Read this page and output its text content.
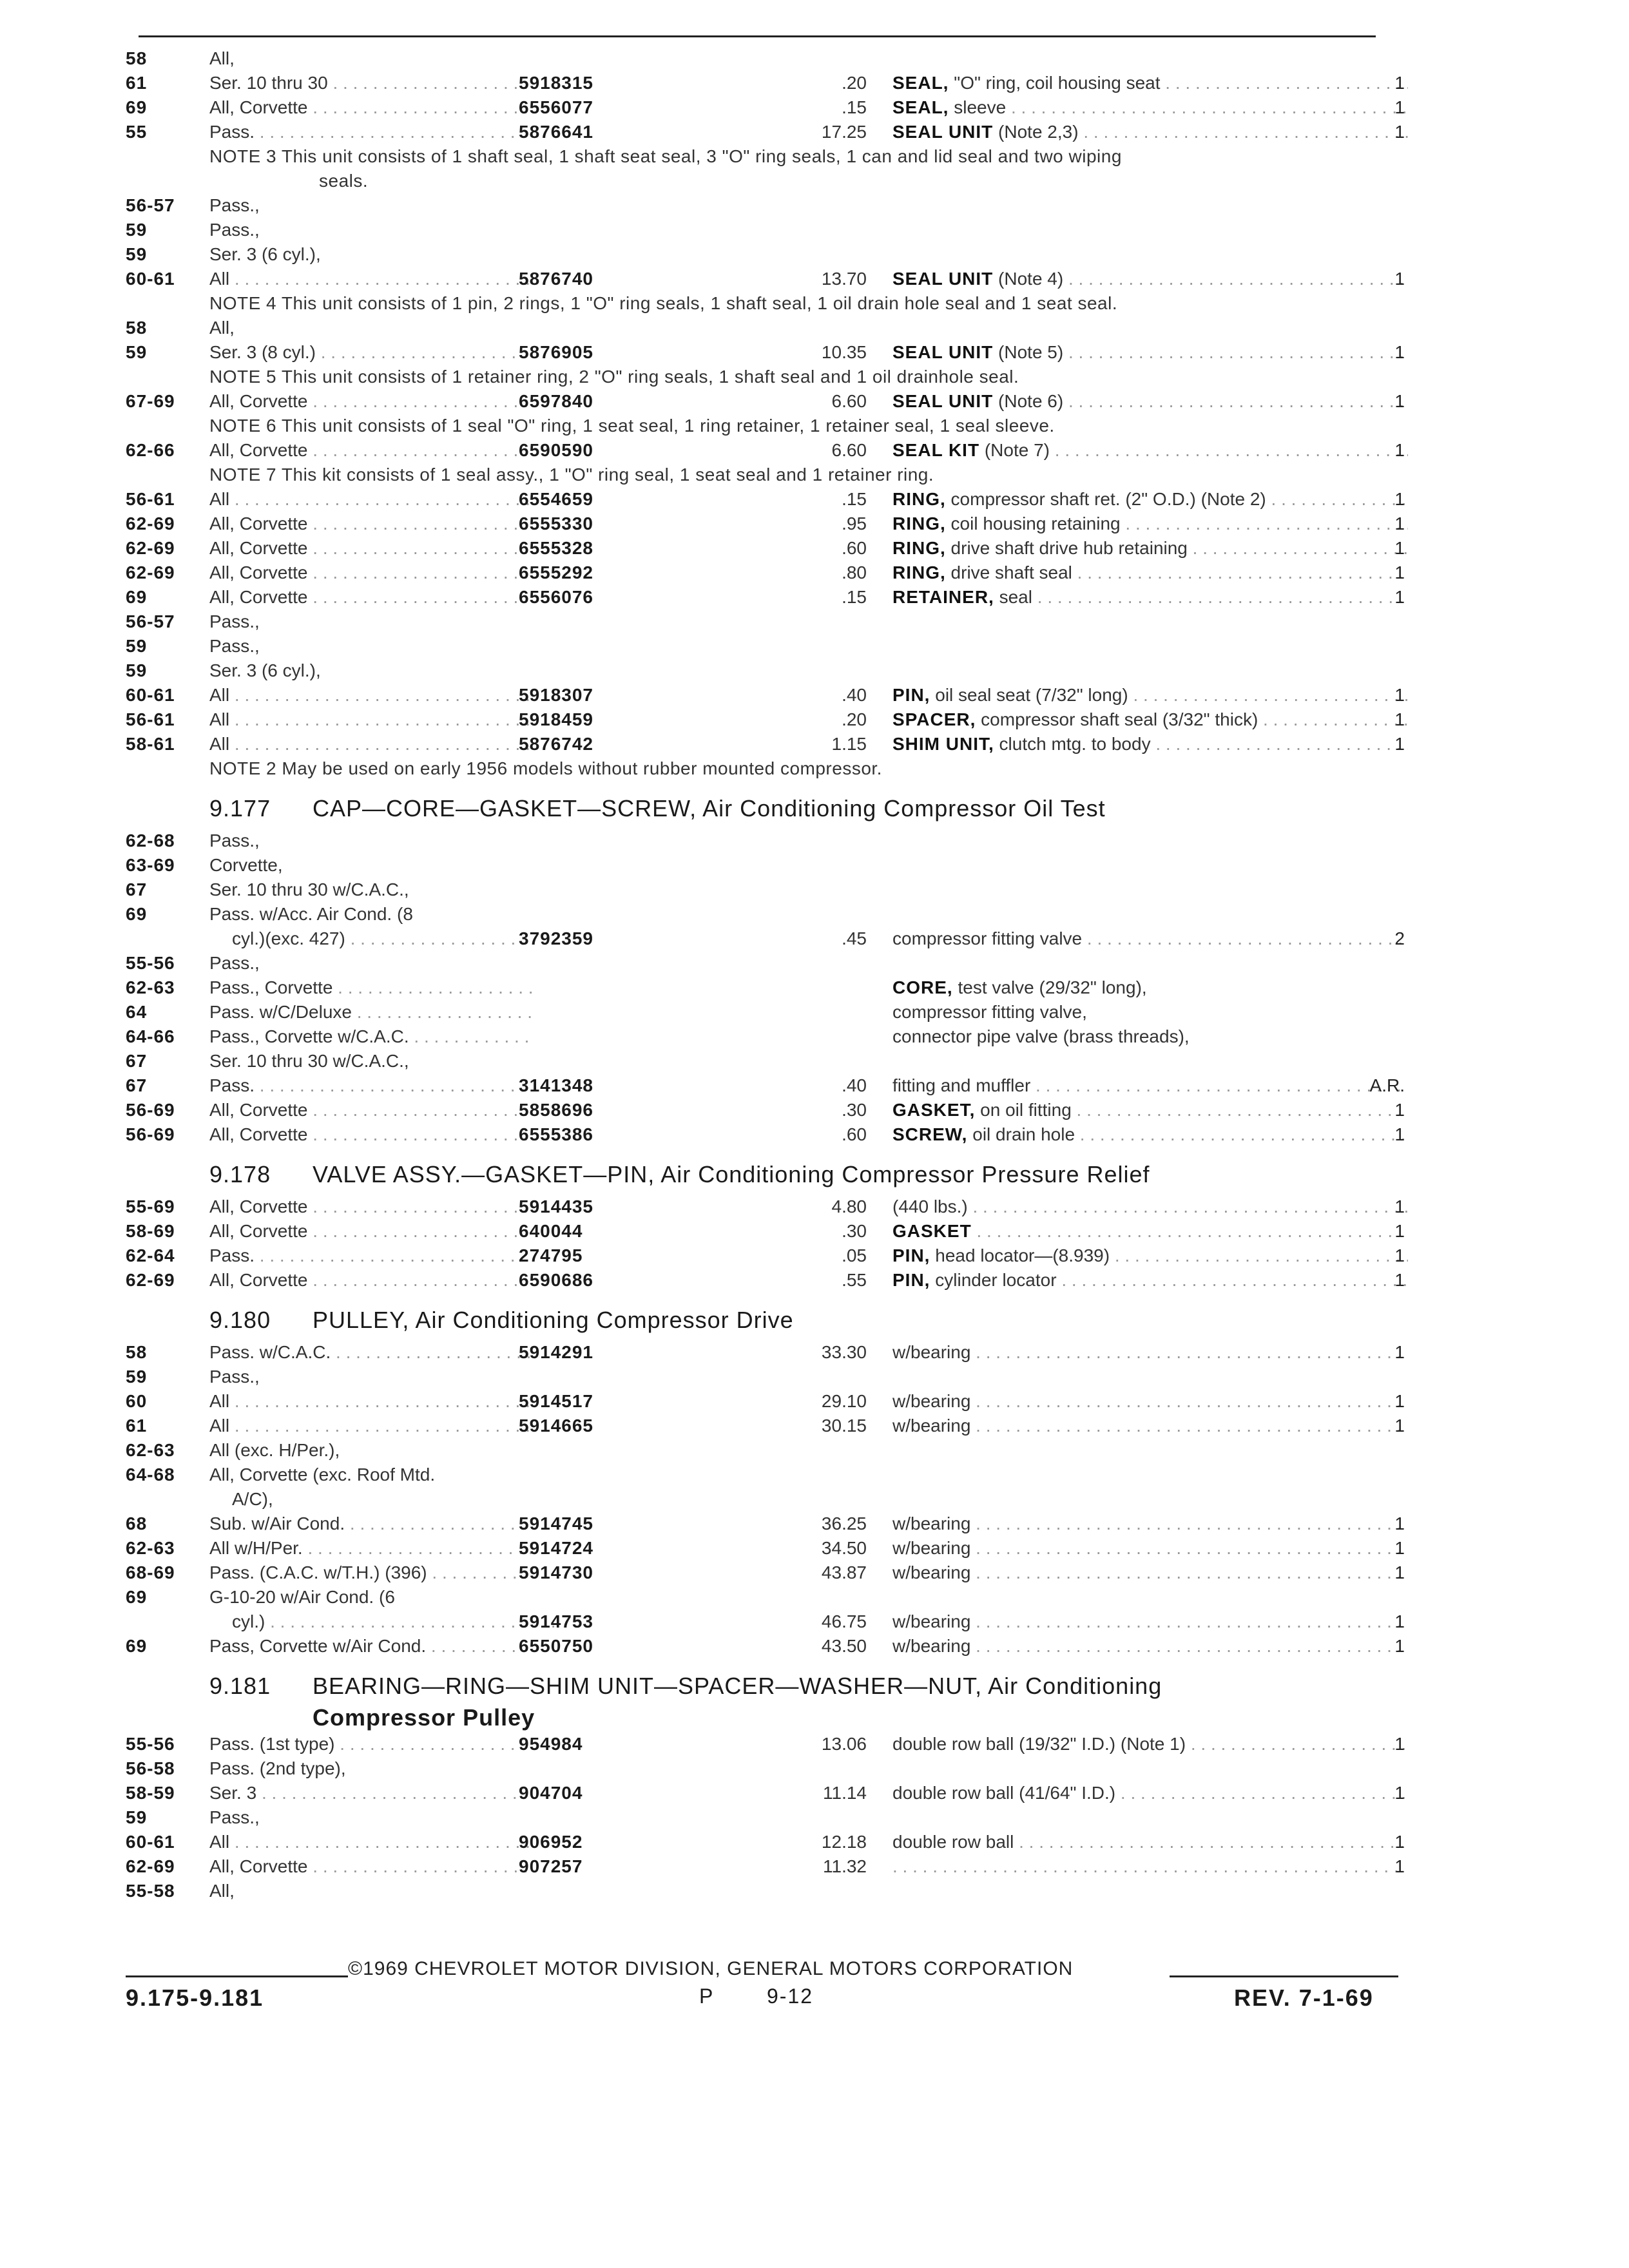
58	All,
61	Ser. 10 thru 30 . . .	5918315	.20 SEAL, "O" ring, coil housing seat . . .	1
69	All, Corvette . . .	6556077	.15 SEAL, sleeve . . .	1
55	Pass. . . .	5876641	17.25 SEAL UNIT (Note 2,3) . . .	1
NOTE 3 This unit consists of 1 shaft seal, 1 shaft seat seal, 3 "O" ring seals, 1 can and lid seal and two wiping
seals.
56-57 Pass.,
59	Pass.,
59	Ser. 3 (6 cyl.),
60-61 All . . .	5876740	13.70 SEAL UNIT (Note 4) . . .	1
NOTE 4 This unit consists of 1 pin, 2 rings, 1 "O" ring seals, 1 shaft seal, 1 oil drain hole seal and 1 seat seal.
58	All,
59	Ser. 3 (8 cyl.) . . .	5876905	10.35 SEAL UNIT (Note 5) . . .	1
NOTE 5 This unit consists of 1 retainer ring, 2 "O" ring seals, 1 shaft seal and 1 oil drainhole seal.
67-69 All, Corvette . . .	6597840	6.60 SEAL UNIT (Note 6) . . .	1
NOTE 6 This unit consists of 1 seal "O" ring, 1 seat seal, 1 ring retainer, 1 retainer seal, 1 seal sleeve.
62-66 All, Corvette . . .	6590590	6.60 SEAL KIT (Note 7) . . .	1
NOTE 7 This kit consists of 1 seal assy., 1 "O" ring seal, 1 seat seal and 1 retainer ring.
56-61 All . . .	6554659	.15 RING, compressor shaft ret. (2" O.D.) (Note 2) . . .	1
62-69 All, Corvette . . .	6555330	.95 RING, coil housing retaining . . .	1
62-69 All, Corvette . . .	6555328	.60 RING, drive shaft drive hub retaining . . .	1
62-69 All, Corvette . . .	6555292	.80 RING, drive shaft seal . . .	1
69	All, Corvette . . .	6556076	.15 RETAINER, seal . . .	1
56-57 Pass.,
59	Pass.,
59	Ser. 3 (6 cyl.),
60-61 All . . .	5918307	.40 PIN, oil seal seat (7/32" long) . . .	1
56-61 All . . .	5918459	.20 SPACER, compressor shaft seal (3/32" thick) . . .	1
58-61 All . . .	5876742	1.15 SHIM UNIT, clutch mtg. to body . . .	1
NOTE 2 May be used on early 1956 models without rubber mounted compressor.
9.177 CAP—CORE—GASKET—SCREW, Air Conditioning Compressor Oil Test
62-68 Pass.,
63-69 Corvette,
67	Ser. 10 thru 30 w/C.A.C.,
69	Pass. w/Acc. Air Cond. (8
cyl.)(exc. 427) . . .	3792359	.45 compressor fitting valve . . .	2
55-56 Pass.,
62-63 Pass., Corvette . . .	CORE, test valve (29/32" long),
64	Pass. w/C/Deluxe . . .	compressor fitting valve,
64-66 Pass., Corvette w/C.A.C. . . .	connector pipe valve (brass threads),
67	Ser. 10 thru 30 w/C.A.C.,
67	Pass. . . .	3141348	.40 fitting and muffler . . .	A.R.
56-69 All, Corvette . . .	5858696	.30 GASKET, on oil fitting . . .	1
56-69 All, Corvette . . .	6555386	.60 SCREW, oil drain hole . . .	1
9.178 VALVE ASSY.—GASKET—PIN, Air Conditioning Compressor Pressure Relief
55-69 All, Corvette . . .	5914435	4.80 (440 lbs.) . . .	1
58-69 All, Corvette . . .	640044	.30 GASKET . . .	1
62-64 Pass. . . .	274795	.05 PIN, head locator—(8.939) . . .	1
62-69 All, Corvette . . .	6590686	.55 PIN, cylinder locator . . .	1
9.180 PULLEY, Air Conditioning Compressor Drive
58	Pass. w/C.A.C. . . .	5914291	33.30 w/bearing . . .	1
59	Pass.,
60	All . . .	5914517	29.10 w/bearing . . .	1
61	All . . .	5914665	30.15 w/bearing . . .	1
62-63 All (exc. H/Per.),
64-68 All, Corvette (exc. Roof Mtd.
A/C),
68	Sub. w/Air Cond. . . .	5914745	36.25 w/bearing . . .	1
62-63 All w/H/Per. . . .	5914724	34.50 w/bearing . . .	1
68-69 Pass. (C.A.C. w/T.H.) (396) . . .	5914730	43.87 w/bearing . . .	1
69	G-10-20 w/Air Cond. (6
cyl.) . . .	5914753	46.75 w/bearing . . .	1
69	Pass, Corvette w/Air Cond. . . .	6550750	43.50 w/bearing . . .	1
9.181 BEARING—RING—SHIM UNIT—SPACER—WASHER—NUT, Air Conditioning
Compressor Pulley
55-56 Pass. (1st type) . . .	954984	13.06 double row ball (19/32" I.D.) (Note 1) . . .	1
56-58 Pass. (2nd type),
58-59 Ser. 3 . . .	904704	11.14 double row ball (41/64" I.D.) . . .	1
59	Pass.,
60-61 All . . .	906952	12.18 double row ball . . .	1
62-69 All, Corvette . . .	907257	11.32 . . .	1
55-58 All,
©1969 CHEVROLET MOTOR DIVISION, GENERAL MOTORS CORPORATION
9.175-9.181	P	9-12	REV. 7-1-69
